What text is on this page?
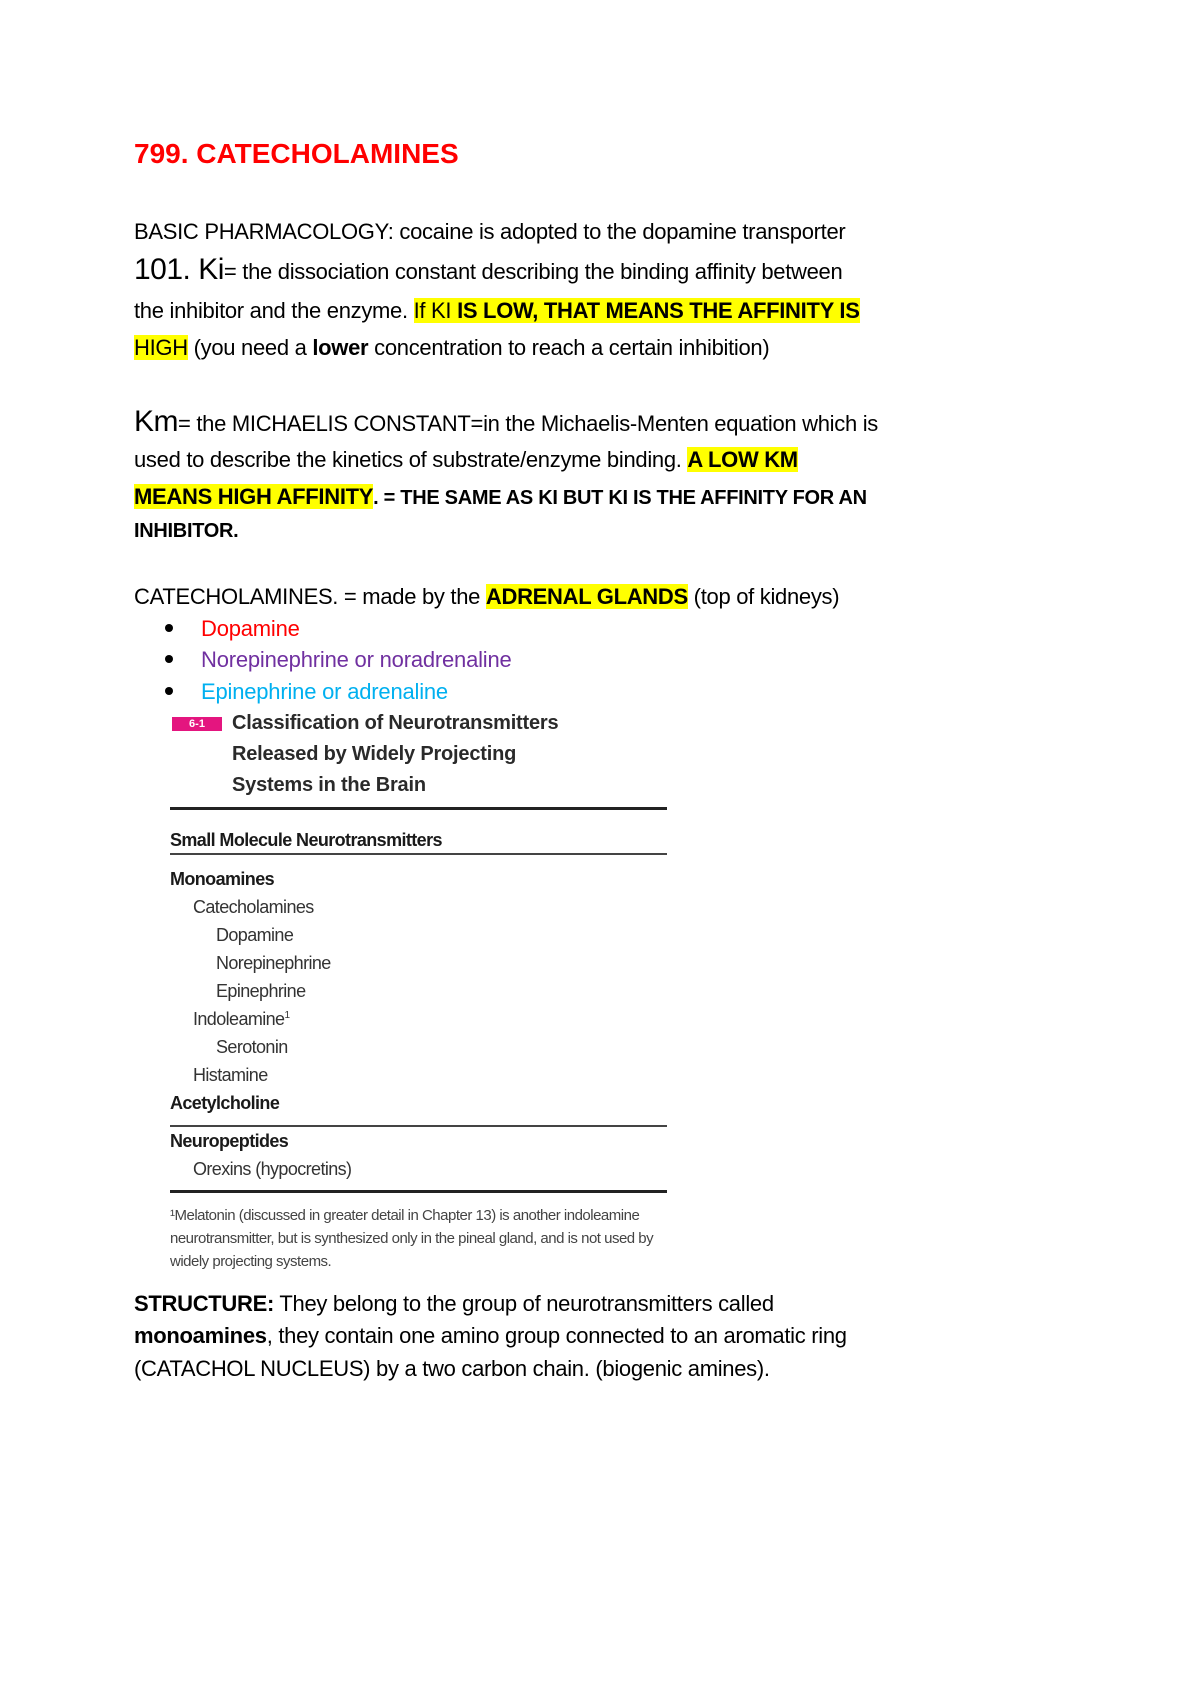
799. CATECHOLAMINES
BASIC PHARMACOLOGY: cocaine is adopted to the dopamine transporter
101. Ki= the dissociation constant describing the binding affinity between
the inhibitor and the enzyme. If KI IS LOW, THAT MEANS THE AFFINITY IS
HIGH (you need a lower concentration to reach a certain inhibition)
Km= the MICHAELIS CONSTANT=in the Michaelis-Menten equation which is
used to describe the kinetics of substrate/enzyme binding. A LOW KM
MEANS HIGH AFFINITY. = THE SAME AS KI BUT KI IS THE AFFINITY FOR AN
INHIBITOR.
CATECHOLAMINES. = made by the ADRENAL GLANDS (top of kidneys)
Dopamine
Norepinephrine or noradrenaline
Epinephrine or adrenaline
6-1	Classification of Neurotransmitters
Released by Widely Projecting
Systems in the Brain
Small Molecule Neurotransmitters
Monoamines
Catecholamines
Dopamine
Norepinephrine
Epinephrine
Indoleamine$^1$
Serotonin
Histamine
Acetylcholine
Neuropeptides
Orexins (hypocretins)
¹Melatonin (discussed in greater detail in Chapter 13) is another indoleamine
neurotransmitter, but is synthesized only in the pineal gland, and is not used by
widely projecting systems.
STRUCTURE: They belong to the group of neurotransmitters called
monoamines, they contain one amino group connected to an aromatic ring
(CATACHOL NUCLEUS) by a two carbon chain. (biogenic amines).
